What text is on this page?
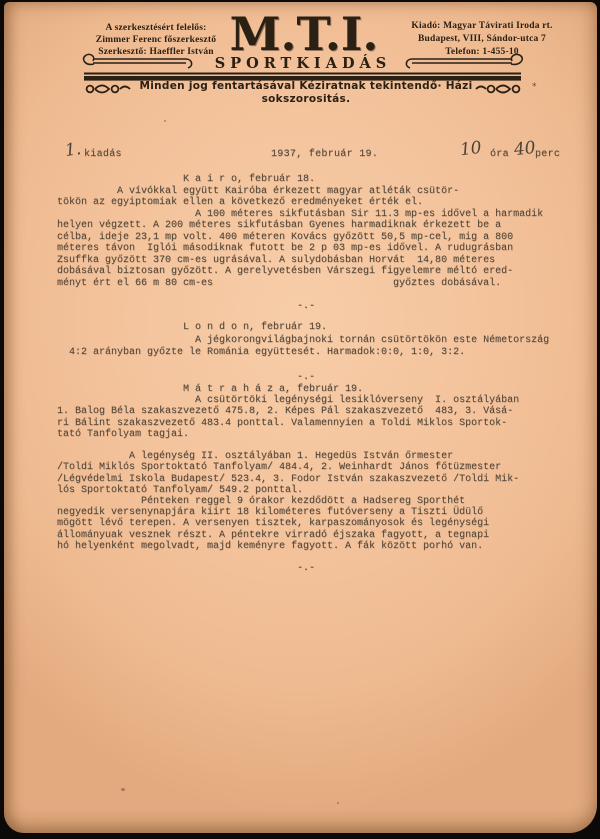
A szerkesztésért felelős:
Zimmer Ferenc főszerkesztő
Szerkesztő: Haeffler István M.T.I.	Kiadó: Magyar Távirati Iroda rt.
Budapest, VIII, Sándor-utca 7
Telefon: 1-455-10
SPORTKIADÁS
Minden jog fentartásával Kéziratnak tekintendő· Házi sokszorositás.
*
1. kiadás	1937, február 19.	10 óra 40
perc
K a i r o, február 18.
A vívókkal együtt Kairóba érkezett magyar atléták csütör-
tökön az egyiptomiak ellen a következő eredményeket érték el.
A 100 méteres sikfutásban Sir 11.3 mp-es idővel a harmadik
helyen végzett. A 200 méteres sikfutásban Gyenes harmadiknak érkezett be a
célba, ideje 23,1 mp volt. 400 méteren Kovács győzött 50,5 mp-cel, mig a 800
méteres távon  Iglói másodiknak futott be 2 p 03 mp-es idővel. A rudugrásban
Zsuffka győzött 370 cm-es ugrásával. A sulydobásban Horvát  14,80 méteres
dobásával biztosan győzött. A gerelyvetésben Várszegi figyelemre méltó ered-
ményt ért el 66 m 80 cm-es                              győztes dobásával.

-.-
L o n d o n, február 19.
A jégkorongvilágbajnoki tornán csütörtökön este Németország
4:2 arányban győzte le Románia együttesét. Harmadok:0:0, 1:0, 3:2.

-.-
M á t r a h á z a, február 19.
A csütörtöki legénységi lesiklóverseny  I. osztályában
1. Balog Béla szakaszvezető 475.8, 2. Képes Pál szakaszvezető  483, 3. Vásá-
ri Bálint szakaszvezető 483.4 ponttal. Valamennyien a Toldi Miklos Sportok-
tató Tanfolyam tagjai.

A legénység II. osztályában 1. Hegedüs István őrmester
/Toldi Miklós Sportoktató Tanfolyam/ 484.4, 2. Weinhardt János főtüzmester
/Légvédelmi Iskola Budapest/ 523.4, 3. Fodor István szakaszvezető /Toldi Mik-
lós Sportoktató Tanfolyam/ 549.2 ponttal.
Pénteken reggel 9 órakor kezdődött a Hadsereg Sporthét
negyedik versenynapjára kiirt 18 kilométeres futóverseny a Tiszti Üdülő
mögött lévő terepen. A versenyen tisztek, karpaszományosok és legénységi
állományuak vesznek részt. A péntekre virradó éjszaka fagyott, a tegnapi
hó helyenként megolvadt, majd keményre fagyott. A fák között porhó van.

-.-
